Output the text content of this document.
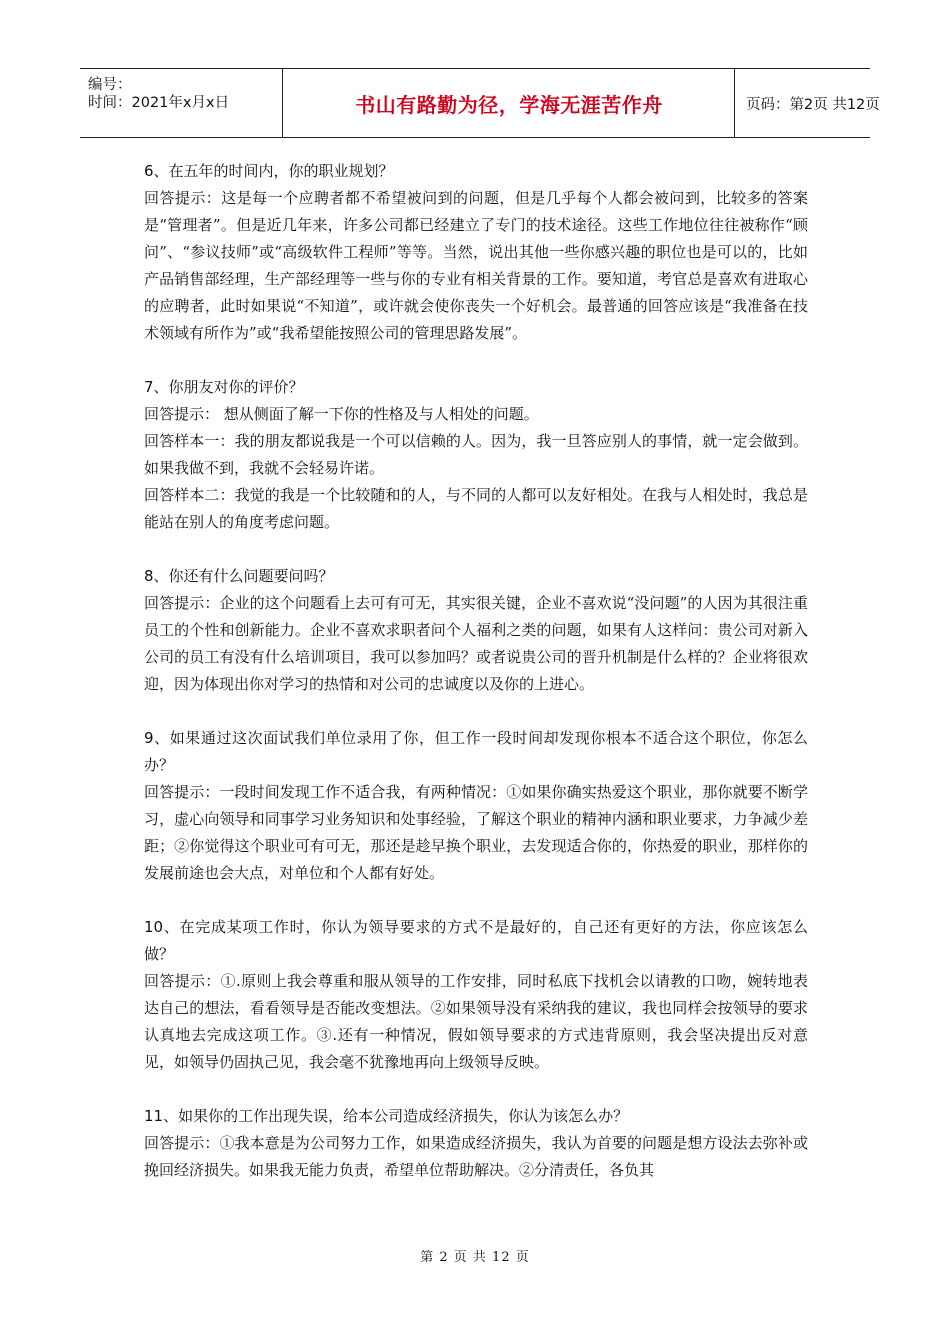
编号：
时间：2021年x月x日	书山有路勤为径，学海无涯苦作舟	页码：第2页 共12页

6、在五年的时间内，你的职业规划？

回答提示：这是每一个应聘者都不希望被问到的问题，但是几乎每个人都会被问到，比较多的答案是“管理者”。但是近几年来，许多公司都已经建立了专门的技术途径。这些工作地位往往被称作“顾问”、“参议技师”或“高级软件工程师”等等。当然，说出其他一些你感兴趣的职位也是可以的，比如产品销售部经理，生产部经理等一些与你的专业有相关背景的工作。要知道，考官总是喜欢有进取心的应聘者，此时如果说“不知道”，或许就会使你丧失一个好机会。最普通的回答应该是“我准备在技术领域有所作为”或“我希望能按照公司的管理思路发展”。

7、你朋友对你的评价？

回答提示： 想从侧面了解一下你的性格及与人相处的问题。

回答样本一：我的朋友都说我是一个可以信赖的人。因为，我一旦答应别人的事情，就一定会做到。如果我做不到，我就不会轻易许诺。

回答样本二：我觉的我是一个比较随和的人，与不同的人都可以友好相处。在我与人相处时，我总是能站在别人的角度考虑问题。

8、你还有什么问题要问吗？

回答提示：企业的这个问题看上去可有可无，其实很关键，企业不喜欢说“没问题”的人因为其很注重员工的个性和创新能力。企业不喜欢求职者问个人福利之类的问题，如果有人这样问：贵公司对新入公司的员工有没有什么培训项目，我可以参加吗？或者说贵公司的晋升机制是什么样的？企业将很欢迎，因为体现出你对学习的热情和对公司的忠诚度以及你的上进心。

9、如果通过这次面试我们单位录用了你，但工作一段时间却发现你根本不适合这个职位，你怎么办？

回答提示：一段时间发现工作不适合我，有两种情况：①如果你确实热爱这个职业，那你就要不断学习，虚心向领导和同事学习业务知识和处事经验，了解这个职业的精神内涵和职业要求，力争减少差距；②你觉得这个职业可有可无，那还是趁早换个职业，去发现适合你的，你热爱的职业，那样你的发展前途也会大点，对单位和个人都有好处。

10、在完成某项工作时，你认为领导要求的方式不是最好的，自己还有更好的方法，你应该怎么做？

回答提示：①.原则上我会尊重和服从领导的工作安排，同时私底下找机会以请教的口吻，婉转地表达自己的想法，看看领导是否能改变想法。②如果领导没有采纳我的建议，我也同样会按领导的要求认真地去完成这项工作。③.还有一种情况，假如领导要求的方式违背原则，我会坚决提出反对意见，如领导仍固执己见，我会毫不犹豫地再向上级领导反映。

11、如果你的工作出现失误，给本公司造成经济损失，你认为该怎么办？

回答提示：①我本意是为公司努力工作，如果造成经济损失，我认为首要的问题是想方设法去弥补或挽回经济损失。如果我无能力负责，希望单位帮助解决。②分清责任，各负其

第 2 页 共 12 页
